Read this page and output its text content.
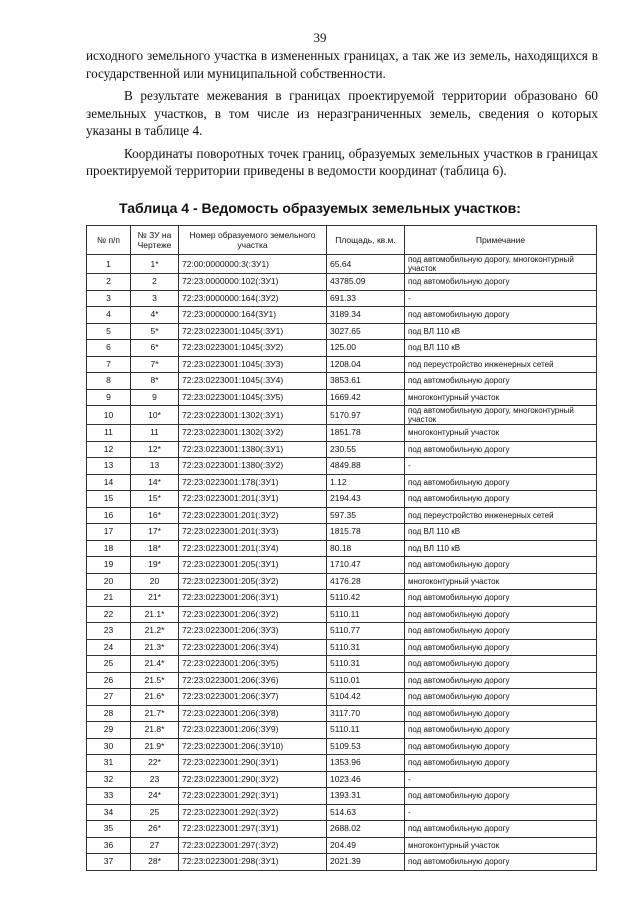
39

исходного земельного участка в измененных границах, а так же из земель, находящихся в государственной или муниципальной собственности.

В результате межевания в границах проектируемой территории образовано 60 земельных участков, в том числе из неразграниченных земель, сведения о которых указаны в таблице 4.

Координаты поворотных точек границ, образуемых земельных участков в границах проектируемой территории приведены в ведомости координат (таблица 6).

Таблица 4 - Ведомость образуемых земельных участков:
№ п/п	№ ЗУ на Чертеже	Номер образуемого земельного участка	Площадь, кв.м.	Примечание
1	1*	72:00:0000000:3(:ЗУ1)	65.64	под автомобильную дорогу, многоконтурный участок
2	2	72:23:0000000:102(:ЗУ1)	43785.09	под автомобильную дорогу
3	3	72:23:0000000:164(:ЗУ2)	691.33	-
4	4*	72:23:0000000:164(ЗУ1)	3189.34	под автомобильную дорогу
5	5*	72:23:0223001:1045(:ЗУ1)	3027.65	под ВЛ 110 кВ
6	6*	72:23:0223001:1045(:ЗУ2)	125.00	под ВЛ 110 кВ
7	7*	72:23:0223001:1045(:ЗУ3)	1208.04	под переустройство инженерных сетей
8	8*	72:23:0223001:1045(:ЗУ4)	3853.61	под автомобильную дорогу
9	9	72:23:0223001:1045(:ЗУ5)	1669.42	многоконтурный участок
10	10*	72:23:0223001:1302(:ЗУ1)	5170.97	под автомобильную дорогу, многоконтурный участок
11	11	72:23:0223001:1302(:ЗУ2)	1851.78	многоконтурный участок
12	12*	72:23:0223001:1380(:ЗУ1)	230.55	под автомобильную дорогу
13	13	72:23:0223001:1380(:ЗУ2)	4849.88	-
14	14*	72:23:0223001:178(:ЗУ1)	1.12	под автомобильную дорогу
15	15*	72:23:0223001:201(:ЗУ1)	2194.43	под автомобильную дорогу
16	16*	72:23:0223001:201(:ЗУ2)	597.35	под переустройство инженерных сетей
17	17*	72:23:0223001:201(:ЗУ3)	1815.78	под ВЛ 110 кВ
18	18*	72:23:0223001:201(:ЗУ4)	80.18	под ВЛ 110 кВ
19	19*	72:23:0223001:205(:ЗУ1)	1710.47	под автомобильную дорогу
20	20	72:23:0223001:205(:ЗУ2)	4176.28	многоконтурный участок
21	21*	72:23:0223001:206(:ЗУ1)	5110.42	под автомобильную дорогу
22	21.1*	72:23:0223001:206(:ЗУ2)	5110.11	под автомобильную дорогу
23	21.2*	72:23:0223001:206(:ЗУ3)	5110.77	под автомобильную дорогу
24	21.3*	72:23:0223001:206(:ЗУ4)	5110.31	под автомобильную дорогу
25	21.4*	72:23:0223001:206(:ЗУ5)	5110.31	под автомобильную дорогу
26	21.5*	72:23:0223001:206(:ЗУ6)	5110.01	под автомобильную дорогу
27	21.6*	72:23:0223001:206(:ЗУ7)	5104.42	под автомобильную дорогу
28	21.7*	72:23:0223001:206(:ЗУ8)	3117.70	под автомобильную дорогу
29	21.8*	72:23:0223001:206(:ЗУ9)	5110.11	под автомобильную дорогу
30	21.9*	72:23:0223001:206(:ЗУ10)	5109.53	под автомобильную дорогу
31	22*	72:23:0223001:290(:ЗУ1)	1353.96	под автомобильную дорогу
32	23	72:23:0223001:290(:ЗУ2)	1023.46	-
33	24*	72:23:0223001:292(:ЗУ1)	1393.31	под автомобильную дорогу
34	25	72:23:0223001:292(:ЗУ2)	514.63	-
35	26*	72:23:0223001:297(:ЗУ1)	2688.02	под автомобильную дорогу
36	27	72:23:0223001:297(:ЗУ2)	204.49	многоконтурный участок
37	28*	72:23:0223001:298(:ЗУ1)	2021.39	под автомобильную дорогу
